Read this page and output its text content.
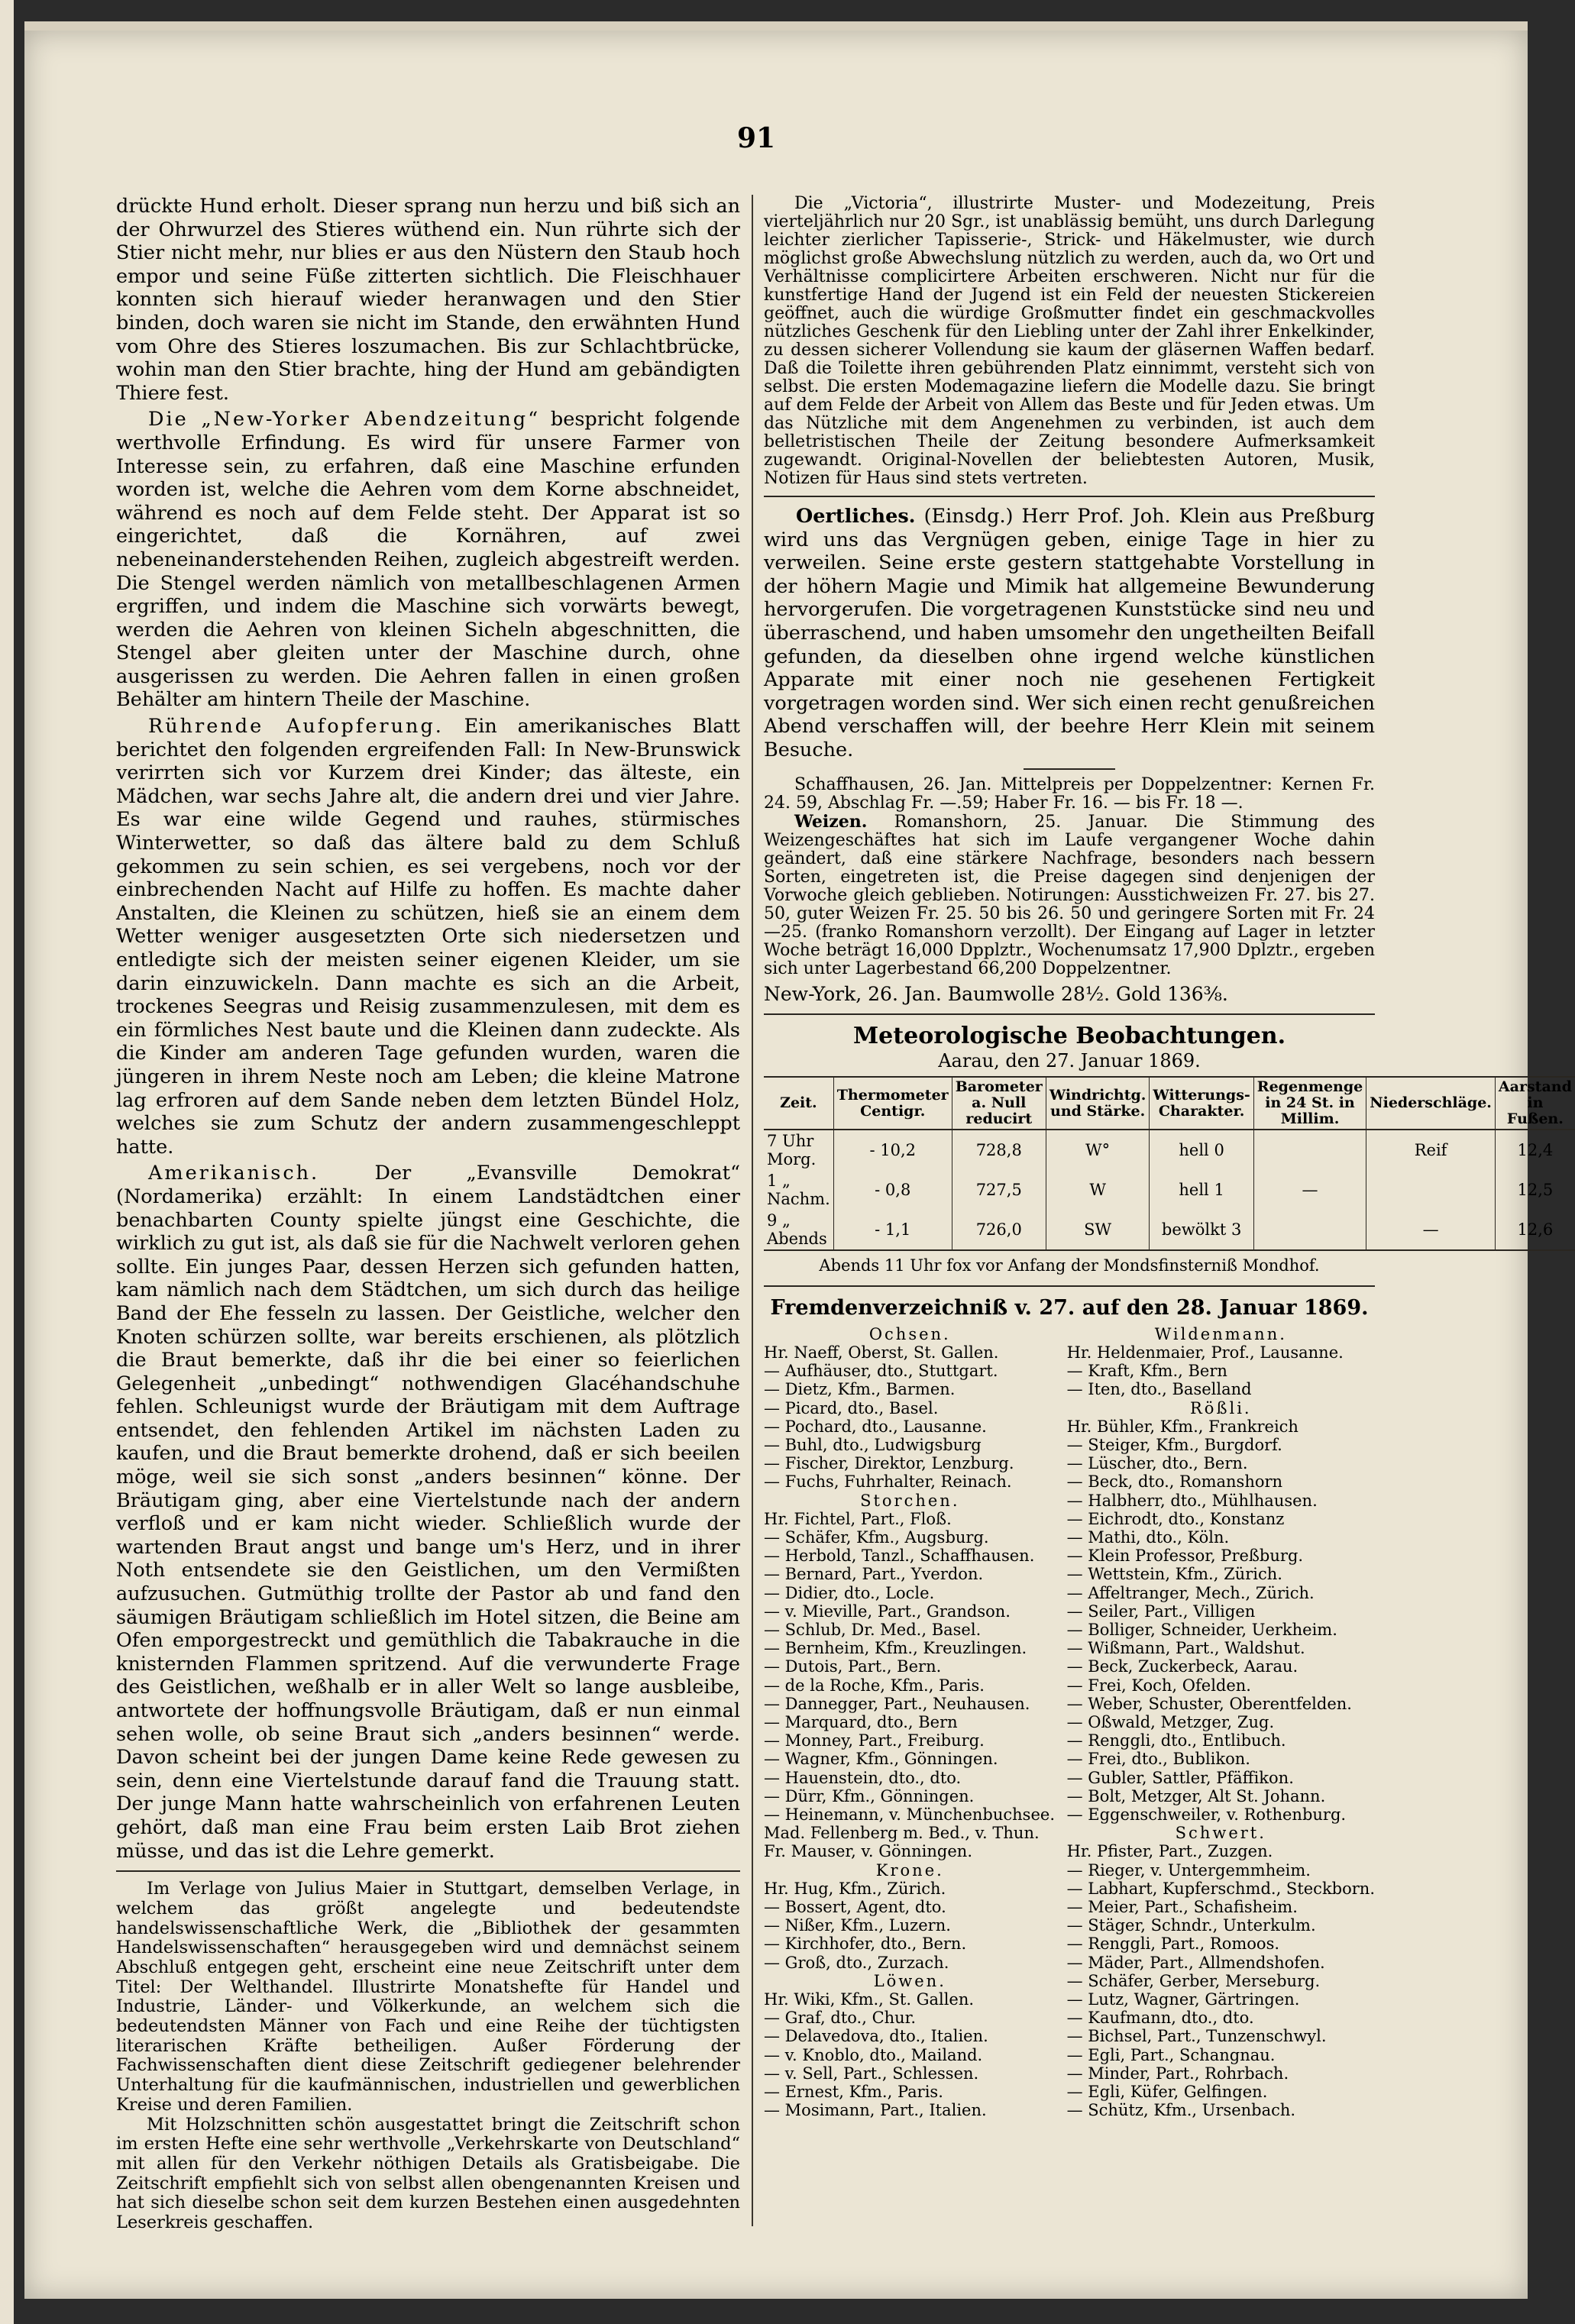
91

drückte Hund erholt. Dieser sprang nun herzu und biß sich an der Ohrwurzel des Stieres wüthend ein. Nun rührte sich der Stier nicht mehr, nur blies er aus den Nüstern den Staub hoch empor und seine Füße zitterten sichtlich. Die Fleischhauer konnten sich hierauf wieder heranwagen und den Stier binden, doch waren sie nicht im Stande, den erwähnten Hund vom Ohre des Stieres loszumachen. Bis zur Schlachtbrücke, wohin man den Stier brachte, hing der Hund am gebändigten Thiere fest.

Die „New-Yorker Abendzeitung“ bespricht folgende werthvolle Erfindung. Es wird für unsere Farmer von Interesse sein, zu erfahren, daß eine Maschine erfunden worden ist, welche die Aehren vom dem Korne abschneidet, während es noch auf dem Felde steht. Der Apparat ist so eingerichtet, daß die Kornähren, auf zwei nebeneinanderstehenden Reihen, zugleich abgestreift werden. Die Stengel werden nämlich von metallbeschlagenen Armen ergriffen, und indem die Maschine sich vorwärts bewegt, werden die Aehren von kleinen Sicheln abgeschnitten, die Stengel aber gleiten unter der Maschine durch, ohne ausgerissen zu werden. Die Aehren fallen in einen großen Behälter am hintern Theile der Maschine.

Rührende Aufopferung. Ein amerikanisches Blatt berichtet den folgenden ergreifenden Fall: In New-Brunswick verirrten sich vor Kurzem drei Kinder; das älteste, ein Mädchen, war sechs Jahre alt, die andern drei und vier Jahre. Es war eine wilde Gegend und rauhes, stürmisches Winterwetter, so daß das ältere bald zu dem Schluß gekommen zu sein schien, es sei vergebens, noch vor der einbrechenden Nacht auf Hilfe zu hoffen. Es machte daher Anstalten, die Kleinen zu schützen, hieß sie an einem dem Wetter weniger ausgesetzten Orte sich niedersetzen und entledigte sich der meisten seiner eigenen Kleider, um sie darin einzuwickeln. Dann machte es sich an die Arbeit, trockenes Seegras und Reisig zusammenzulesen, mit dem es ein förmliches Nest baute und die Kleinen dann zudeckte. Als die Kinder am anderen Tage gefunden wurden, waren die jüngeren in ihrem Neste noch am Leben; die kleine Matrone lag erfroren auf dem Sande neben dem letzten Bündel Holz, welches sie zum Schutz der andern zusammengeschleppt hatte.

Amerikanisch. Der „Evansville Demokrat“ (Nordamerika) erzählt: In einem Landstädtchen einer benachbarten County spielte jüngst eine Geschichte, die wirklich zu gut ist, als daß sie für die Nachwelt verloren gehen sollte. Ein junges Paar, dessen Herzen sich gefunden hatten, kam nämlich nach dem Städtchen, um sich durch das heilige Band der Ehe fesseln zu lassen. Der Geistliche, welcher den Knoten schürzen sollte, war bereits erschienen, als plötzlich die Braut bemerkte, daß ihr die bei einer so feierlichen Gelegenheit „unbedingt“ nothwendigen Glacéhandschuhe fehlen. Schleunigst wurde der Bräutigam mit dem Auftrage entsendet, den fehlenden Artikel im nächsten Laden zu kaufen, und die Braut bemerkte drohend, daß er sich beeilen möge, weil sie sich sonst „anders besinnen“ könne. Der Bräutigam ging, aber eine Viertelstunde nach der andern verfloß und er kam nicht wieder. Schließlich wurde der wartenden Braut angst und bange um's Herz, und in ihrer Noth entsendete sie den Geistlichen, um den Vermißten aufzusuchen. Gutmüthig trollte der Pastor ab und fand den säumigen Bräutigam schließlich im Hotel sitzen, die Beine am Ofen emporgestreckt und gemüthlich die Tabakrauche in die knisternden Flammen spritzend. Auf die verwunderte Frage des Geistlichen, weßhalb er in aller Welt so lange ausbleibe, antwortete der hoffnungsvolle Bräutigam, daß er nun einmal sehen wolle, ob seine Braut sich „anders besinnen“ werde. Davon scheint bei der jungen Dame keine Rede gewesen zu sein, denn eine Viertelstunde darauf fand die Trauung statt. Der junge Mann hatte wahrscheinlich von erfahrenen Leuten gehört, daß man eine Frau beim ersten Laib Brot ziehen müsse, und das ist die Lehre gemerkt.

Im Verlage von Julius Maier in Stuttgart, demselben Verlage, in welchem das größt angelegte und bedeutendste handelswissenschaftliche Werk, die „Bibliothek der gesammten Handelswissenschaften“ herausgegeben wird und demnächst seinem Abschluß entgegen geht, erscheint eine neue Zeitschrift unter dem Titel: Der Welthandel. Illustrirte Monatshefte für Handel und Industrie, Länder- und Völkerkunde, an welchem sich die bedeutendsten Männer von Fach und eine Reihe der tüchtigsten literarischen Kräfte betheiligen. Außer Förderung der Fachwissenschaften dient diese Zeitschrift gediegener belehrender Unterhaltung für die kaufmännischen, industriellen und gewerblichen Kreise und deren Familien.

Mit Holzschnitten schön ausgestattet bringt die Zeitschrift schon im ersten Hefte eine sehr werthvolle „Verkehrskarte von Deutschland“ mit allen für den Verkehr nöthigen Details als Gratisbeigabe. Die Zeitschrift empfiehlt sich von selbst allen obengenannten Kreisen und hat sich dieselbe schon seit dem kurzen Bestehen einen ausgedehnten Leserkreis geschaffen.

Die „Victoria“, illustrirte Muster- und Modezeitung, Preis vierteljährlich nur 20 Sgr., ist unablässig bemüht, uns durch Darlegung leichter zierlicher Tapisserie-, Strick- und Häkelmuster, wie durch möglichst große Abwechslung nützlich zu werden, auch da, wo Ort und Verhältnisse complicirtere Arbeiten erschweren. Nicht nur für die kunstfertige Hand der Jugend ist ein Feld der neuesten Stickereien geöffnet, auch die würdige Großmutter findet ein geschmackvolles nützliches Geschenk für den Liebling unter der Zahl ihrer Enkelkinder, zu dessen sicherer Vollendung sie kaum der gläsernen Waffen bedarf. Daß die Toilette ihren gebührenden Platz einnimmt, versteht sich von selbst. Die ersten Modemagazine liefern die Modelle dazu. Sie bringt auf dem Felde der Arbeit von Allem das Beste und für Jeden etwas. Um das Nützliche mit dem Angenehmen zu verbinden, ist auch dem belletristischen Theile der Zeitung besondere Aufmerksamkeit zugewandt. Original-Novellen der beliebtesten Autoren, Musik, Notizen für Haus sind stets vertreten.

Oertliches. (Einsdg.) Herr Prof. Joh. Klein aus Preßburg wird uns das Vergnügen geben, einige Tage in hier zu verweilen. Seine erste gestern stattgehabte Vorstellung in der höhern Magie und Mimik hat allgemeine Bewunderung hervorgerufen. Die vorgetragenen Kunststücke sind neu und überraschend, und haben umsomehr den ungetheilten Beifall gefunden, da dieselben ohne irgend welche künstlichen Apparate mit einer noch nie gesehenen Fertigkeit vorgetragen worden sind. Wer sich einen recht genußreichen Abend verschaffen will, der beehre Herr Klein mit seinem Besuche.

Schaffhausen, 26. Jan. Mittelpreis per Doppelzentner: Kernen Fr. 24. 59, Abschlag Fr. —.59; Haber Fr. 16. — bis Fr. 18 —.

Weizen. Romanshorn, 25. Januar. Die Stimmung des Weizengeschäftes hat sich im Laufe vergangener Woche dahin geändert, daß eine stärkere Nachfrage, besonders nach bessern Sorten, eingetreten ist, die Preise dagegen sind denjenigen der Vorwoche gleich geblieben. Notirungen: Ausstichweizen Fr. 27. bis 27. 50, guter Weizen Fr. 25. 50 bis 26. 50 und geringere Sorten mit Fr. 24—25. (franko Romanshorn verzollt). Der Eingang auf Lager in letzter Woche beträgt 16,000 Dpplztr., Wochenumsatz 17,900 Dplztr., ergeben sich unter Lagerbestand 66,200 Doppelzentner.

New-York, 26. Jan. Baumwolle 28½. Gold 136⅜.

Meteorologische Beobachtungen.
Aarau, den 27. Januar 1869.
Zeit.	Thermometer Centigr.	Barometer a. Null reducirt	Windrichtg. und Stärke.	Witterungs-Charakter.	Regenmenge in 24 St. in Millim.	Niederschläge.	Aarstand in Fußen.
7 Uhr Morg.	- 10,2	728,8	W°	hell 0		Reif	12,4
1 „ Nachm.	- 0,8	727,5	W	hell 1	—		12,5
9 „ Abends	- 1,1	726,0	SW	bewölkt 3		—	12,6
Abends 11 Uhr fox vor Anfang der Mondsfinsterniß Mondhof.
Fremdenverzeichniß v. 27. auf den 28. Januar 1869.
Ochsen.
Hr. Naeff, Oberst, St. Gallen.
— Aufhäuser, dto., Stuttgart.
— Dietz, Kfm., Barmen.
— Picard, dto., Basel.
— Pochard, dto., Lausanne.
— Buhl, dto., Ludwigsburg
— Fischer, Direktor, Lenzburg.
— Fuchs, Fuhrhalter, Reinach.
Storchen.
Hr. Fichtel, Part., Floß.
— Schäfer, Kfm., Augsburg.
— Herbold, Tanzl., Schaffhausen.
— Bernard, Part., Yverdon.
— Didier, dto., Locle.
— v. Mieville, Part., Grandson.
— Schlub, Dr. Med., Basel.
— Bernheim, Kfm., Kreuzlingen.
— Dutois, Part., Bern.
— de la Roche, Kfm., Paris.
— Dannegger, Part., Neuhausen.
— Marquard, dto., Bern
— Monney, Part., Freiburg.
— Wagner, Kfm., Gönningen.
— Hauenstein, dto., dto.
— Dürr, Kfm., Gönningen.
— Heinemann, v. Münchenbuchsee.
Mad. Fellenberg m. Bed., v. Thun.
Fr. Mauser, v. Gönningen.
Krone.
Hr. Hug, Kfm., Zürich.
— Bossert, Agent, dto.
— Nißer, Kfm., Luzern.
— Kirchhofer, dto., Bern.
— Groß, dto., Zurzach.
Löwen.
Hr. Wiki, Kfm., St. Gallen.
— Graf, dto., Chur.
— Delavedova, dto., Italien.
— v. Knoblo, dto., Mailand.
— v. Sell, Part., Schlessen.
— Ernest, Kfm., Paris.
— Mosimann, Part., Italien.
Wildenmann.
Hr. Heldenmaier, Prof., Lausanne.
— Kraft, Kfm., Bern
— Iten, dto., Baselland
Rößli.
Hr. Bühler, Kfm., Frankreich
— Steiger, Kfm., Burgdorf.
— Lüscher, dto., Bern.
— Beck, dto., Romanshorn
— Halbherr, dto., Mühlhausen.
— Eichrodt, dto., Konstanz
— Mathi, dto., Köln.
— Klein Professor, Preßburg.
— Wettstein, Kfm., Zürich.
— Affeltranger, Mech., Zürich.
— Seiler, Part., Villigen
— Bolliger, Schneider, Uerkheim.
— Wißmann, Part., Waldshut.
— Beck, Zuckerbeck, Aarau.
— Frei, Koch, Ofelden.
— Weber, Schuster, Oberentfelden.
— Oßwald, Metzger, Zug.
— Renggli, dto., Entlibuch.
— Frei, dto., Bublikon.
— Gubler, Sattler, Pfäffikon.
— Bolt, Metzger, Alt St. Johann.
— Eggenschweiler, v. Rothenburg.
Schwert.
Hr. Pfister, Part., Zuzgen.
— Rieger, v. Untergemmheim.
— Labhart, Kupferschmd., Steckborn.
— Meier, Part., Schafisheim.
— Stäger, Schndr., Unterkulm.
— Renggli, Part., Romoos.
— Mäder, Part., Allmendshofen.
— Schäfer, Gerber, Merseburg.
— Lutz, Wagner, Gärtringen.
— Kaufmann, dto., dto.
— Bichsel, Part., Tunzenschwyl.
— Egli, Part., Schangnau.
— Minder, Part., Rohrbach.
— Egli, Küfer, Gelfingen.
— Schütz, Kfm., Ursenbach.
